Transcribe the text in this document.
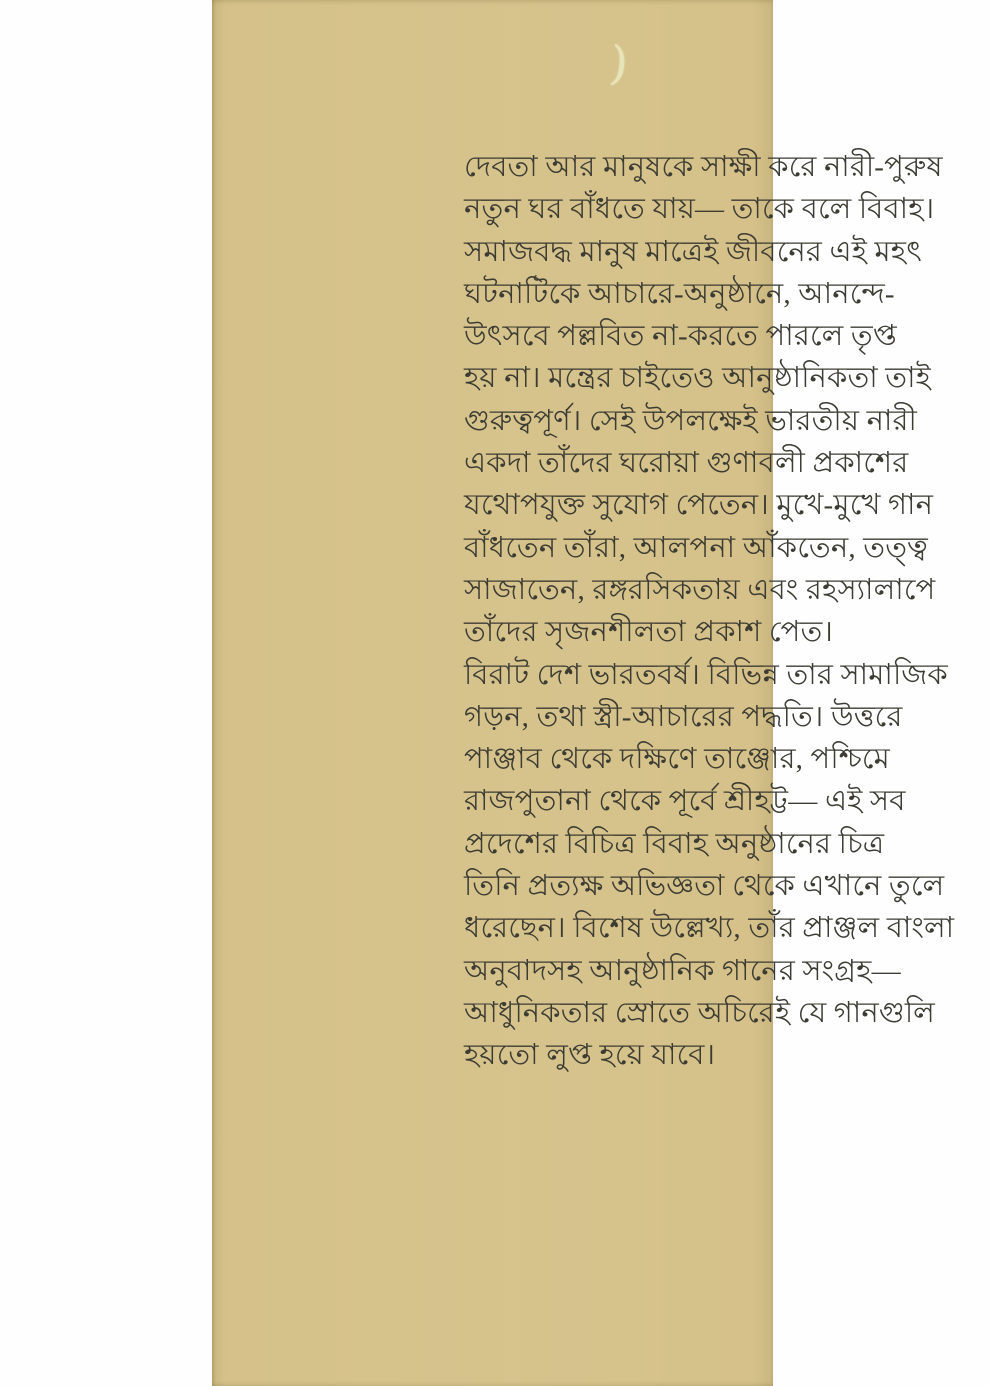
)
দেবতা আর মানুষকে সাক্ষী করে নারী-পুরুষ
নতুন ঘর বাঁধতে যায়— তাকে বলে বিবাহ।
সমাজবদ্ধ মানুষ মাত্রেই জীবনের এই মহৎ
ঘটনাটিকে আচারে-অনুষ্ঠানে, আনন্দে-
উৎসবে পল্লবিত না-করতে পারলে তৃপ্ত
হয় না। মন্ত্রের চাইতেও আনুষ্ঠানিকতা তাই
গুরুত্বপূর্ণ। সেই উপলক্ষেই ভারতীয় নারী
একদা তাঁদের ঘরোয়া গুণাবলী প্রকাশের
যথোপযুক্ত সুযোগ পেতেন। মুখে-মুখে গান
বাঁধতেন তাঁরা, আলপনা আঁকতেন, তত্ত্ব
সাজাতেন, রঙ্গরসিকতায় এবং রহস্যালাপে
তাঁদের সৃজনশীলতা প্রকাশ পেত।
বিরাট দেশ ভারতবর্ষ। বিভিন্ন তার সামাজিক
গড়ন, তথা স্ত্রী-আচারের পদ্ধতি। উত্তরে
পাঞ্জাব থেকে দক্ষিণে তাঞ্জোর, পশ্চিমে
রাজপুতানা থেকে পূর্বে শ্রীহট্ট— এই সব
প্রদেশের বিচিত্র বিবাহ অনুষ্ঠানের চিত্র
তিনি প্রত্যক্ষ অভিজ্ঞতা থেকে এখানে তুলে
ধরেছেন। বিশেষ উল্লেখ্য, তাঁর প্রাঞ্জল বাংলা
অনুবাদসহ আনুষ্ঠানিক গানের সংগ্রহ—
আধুনিকতার স্রোতে অচিরেই যে গানগুলি
হয়তো লুপ্ত হয়ে যাবে।
